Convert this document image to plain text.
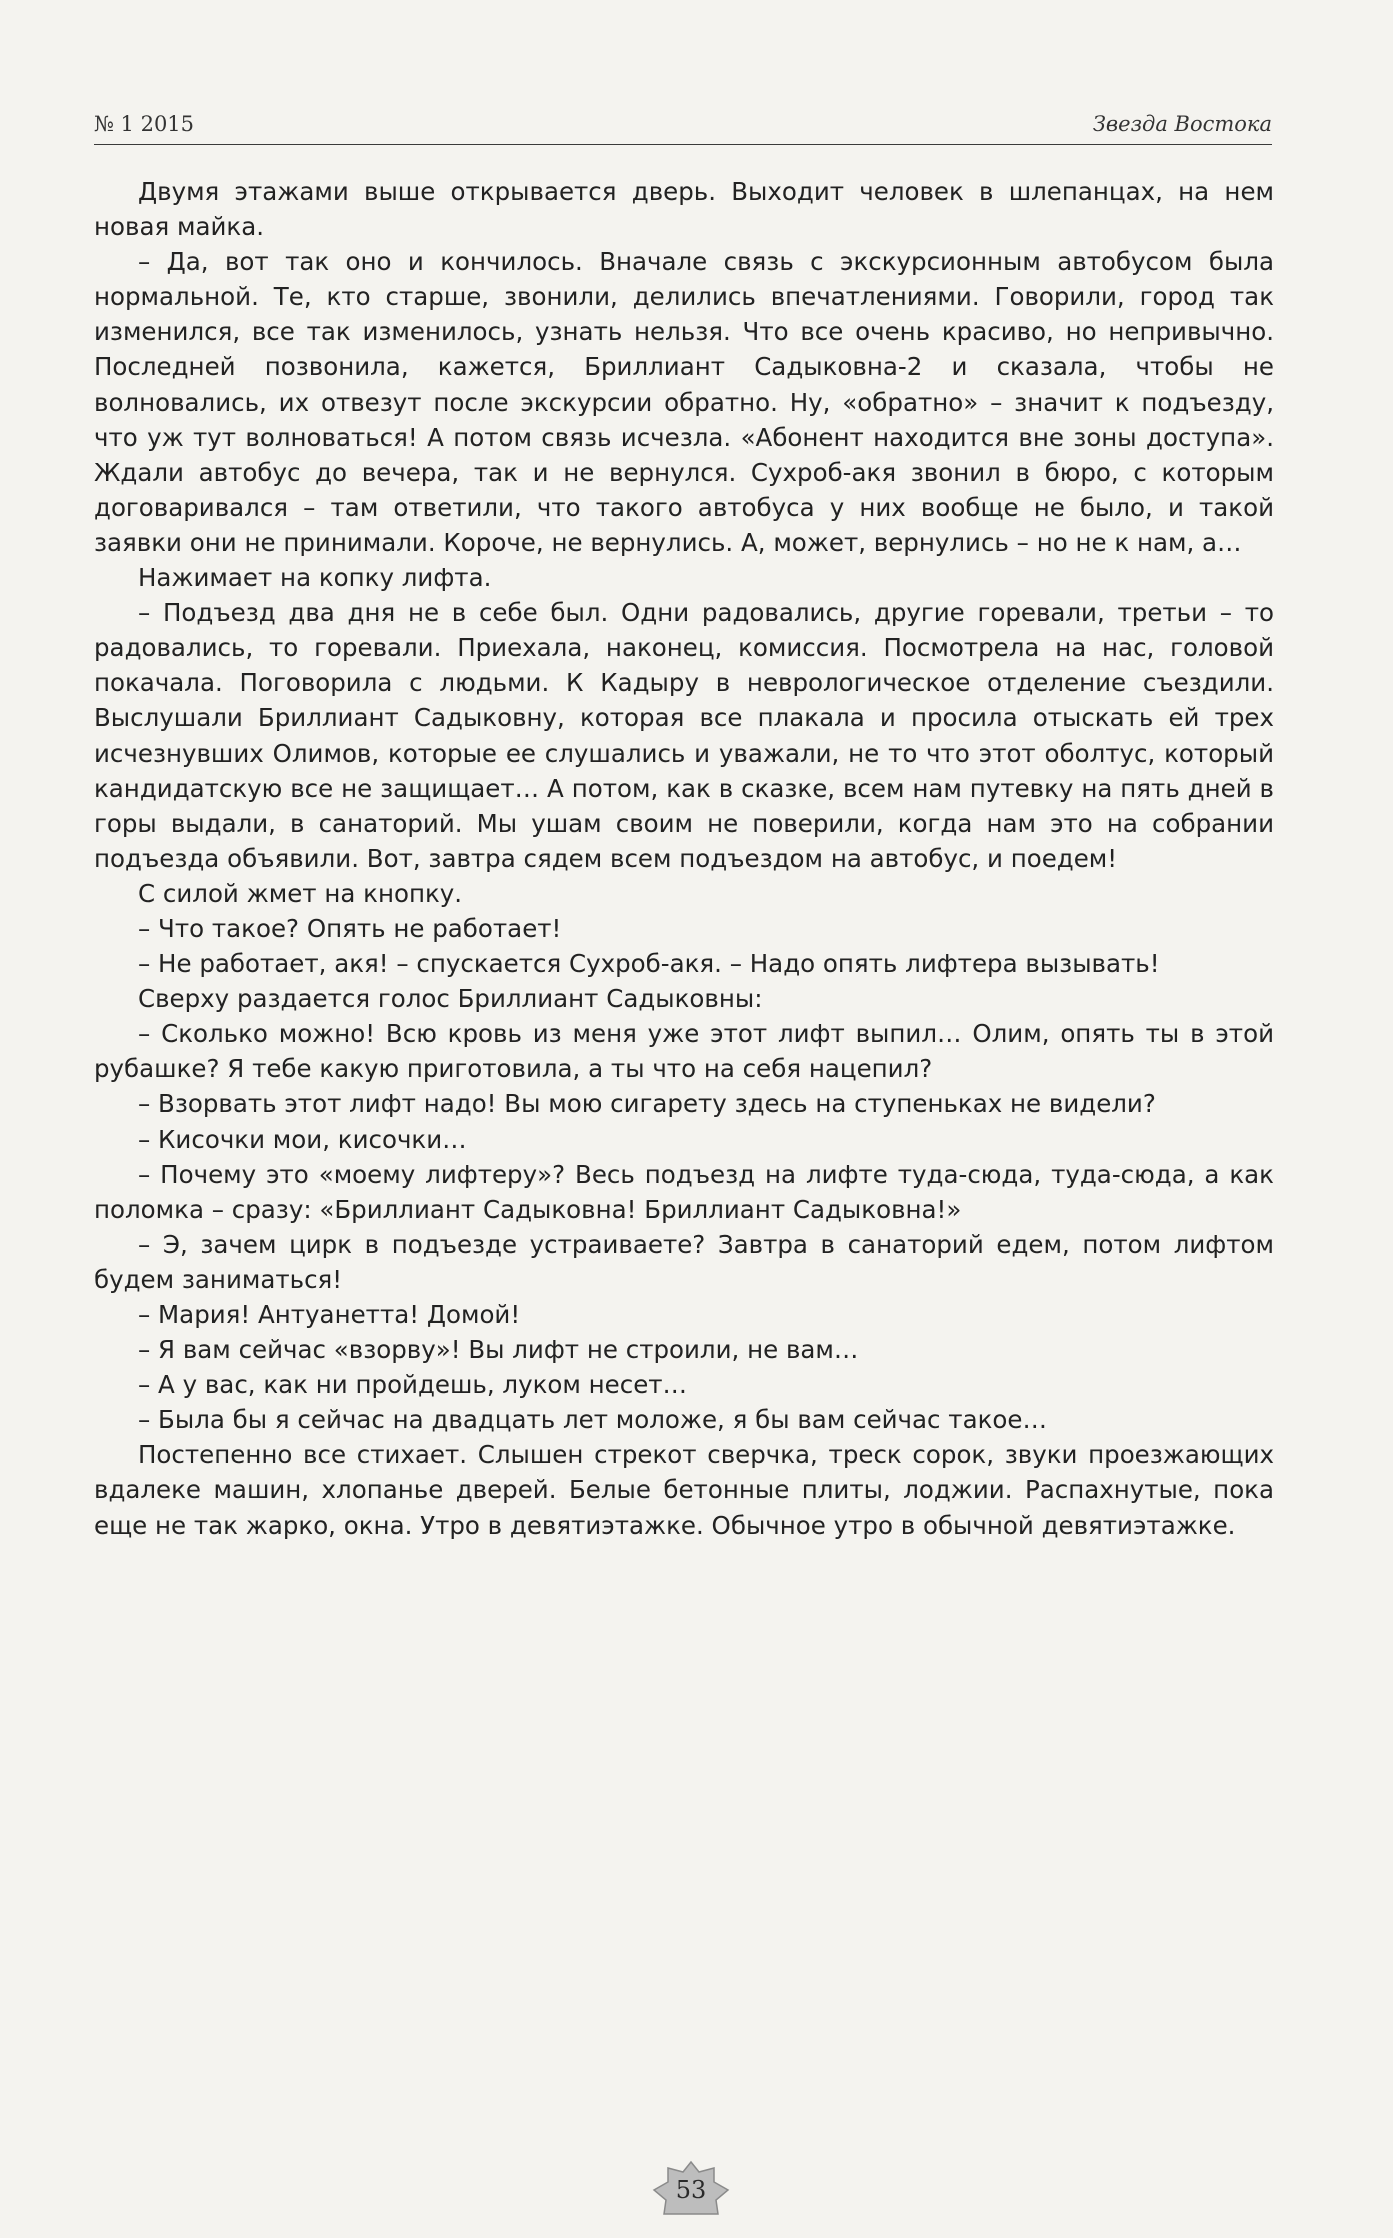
№ 1 2015	Звезда Востока

Двумя этажами выше открывается дверь. Выходит человек в шлепанцах, на нем новая майка.

– Да, вот так оно и кончилось. Вначале связь с экскурсионным автобусом была нормальной. Те, кто старше, звонили, делились впечатлениями. Говорили, город так изменился, все так изменилось, узнать нельзя. Что все очень красиво, но непривычно. Последней позвонила, кажется, Бриллиант Садыковна-2 и сказала, чтобы не волновались, их отвезут после экскурсии обратно. Ну, «обратно» – значит к подъезду, что уж тут волноваться! А потом связь исчезла. «Абонент находится вне зоны доступа». Ждали автобус до вечера, так и не вернулся. Сухроб-акя звонил в бюро, с которым договаривался – там ответили, что такого автобуса у них вообще не было, и такой заявки они не принимали. Короче, не вернулись. А, может, вернулись – но не к нам, а…

Нажимает на копку лифта.

– Подъезд два дня не в себе был. Одни радовались, другие горевали, третьи – то радовались, то горевали. Приехала, наконец, комиссия. Посмотрела на нас, головой покачала. Поговорила с людьми. К Кадыру в неврологическое отделение съездили. Выслушали Бриллиант Садыковну, которая все плакала и просила отыскать ей трех исчезнувших Олимов, которые ее слушались и уважали, не то что этот оболтус, который кандидатскую все не защищает… А потом, как в сказке, всем нам путевку на пять дней в горы выдали, в санаторий. Мы ушам своим не поверили, когда нам это на собрании подъезда объявили. Вот, завтра сядем всем подъездом на автобус, и поедем!

С силой жмет на кнопку.

– Что такое? Опять не работает!

– Не работает, акя! – спускается Сухроб-акя. – Надо опять лифтера вызывать!

Сверху раздается голос Бриллиант Садыковны:

– Сколько можно! Всю кровь из меня уже этот лифт выпил… Олим, опять ты в этой рубашке? Я тебе какую приготовила, а ты что на себя нацепил?

– Взорвать этот лифт надо! Вы мою сигарету здесь на ступеньках не видели?

– Кисочки мои, кисочки…

– Почему это «моему лифтеру»? Весь подъезд на лифте туда-сюда, туда-сюда, а как поломка – сразу: «Бриллиант Садыковна! Бриллиант Садыковна!»

– Э, зачем цирк в подъезде устраиваете? Завтра в санаторий едем, потом лифтом будем заниматься!

– Мария! Антуанетта! Домой!

– Я вам сейчас «взорву»! Вы лифт не строили, не вам…

– А у вас, как ни пройдешь, луком несет…

– Была бы я сейчас на двадцать лет моложе, я бы вам сейчас такое…

Постепенно все стихает. Слышен стрекот сверчка, треск сорок, звуки проезжающих вдалеке машин, хлопанье дверей. Белые бетонные плиты, лоджии. Распахнутые, пока еще не так жарко, окна. Утро в девятиэтажке. Обычное утро в обычной девятиэтажке.

53
